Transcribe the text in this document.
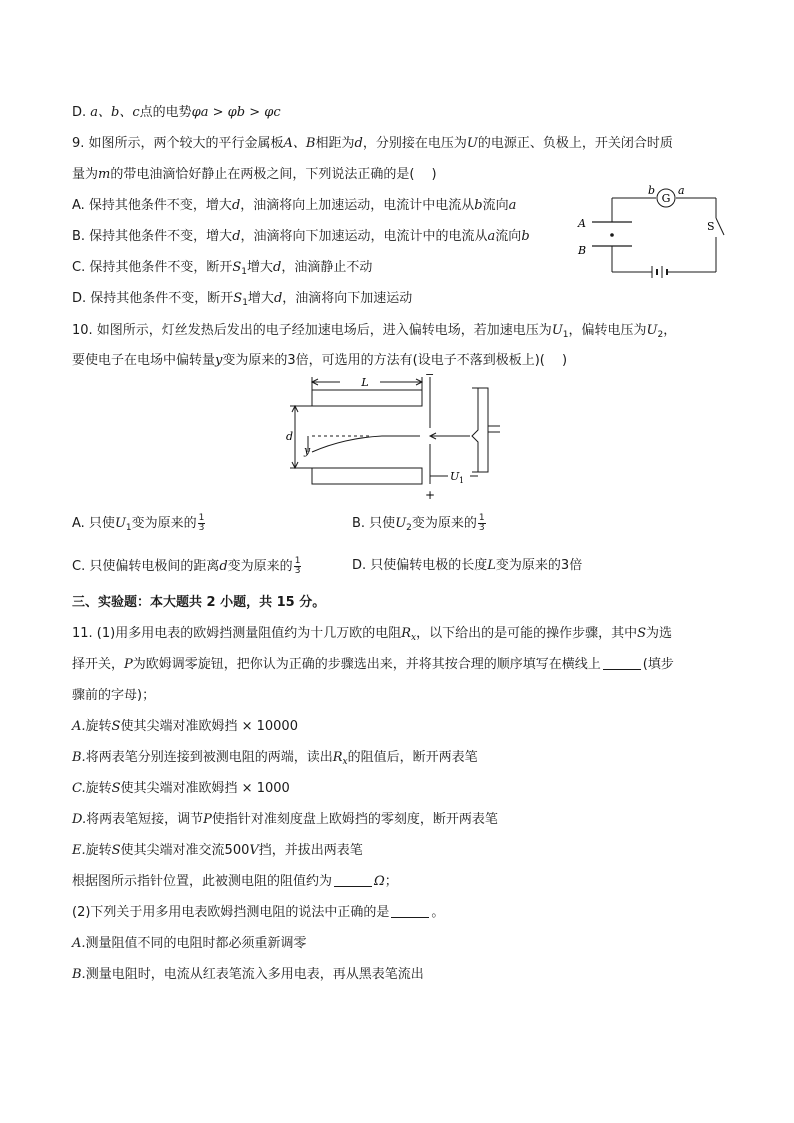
D. a、b、c点的电势φa > φb > φc
9. 如图所示，两个较大的平行金属板A、B相距为d，分别接在电压为U的电源正、负极上，开关闭合时质
量为m的带电油滴恰好静止在两极之间，下列说法正确的是(　 )
A. 保持其他条件不变，增大d，油滴将向上加速运动，电流计中电流从b流向a
B. 保持其他条件不变，增大d，油滴将向下加速运动，电流计中的电流从a流向b
C. 保持其他条件不变，断开$S_1$增大d，油滴静止不动
D. 保持其他条件不变，断开$S_1$增大d，油滴将向下加速运动
G
b a
S
A
B
10. 如图所示，灯丝发热后发出的电子经加速电场后，进入偏转电场，若加速电压为$U_1$，偏转电压为$U_2$，
要使电子在电场中偏转量y变为原来的3倍，可选用的方法有(设电子不落到极板上)(　 )
L
d
y
−
+
U 1
A. 只使$U_1$变为原来的 $\frac{1}{3}$	B. 只使$U_2$变为原来的 $\frac{1}{3}$
C. 只使偏转电极间的距离d变为原来的 $\frac{1}{3}$	D. 只使偏转电极的长度L变为原来的3倍
三、实验题：本大题共 2 小题，共 15 分。
11. (1)用多用电表的欧姆挡测量阻值约为十几万欧的电阻$R_x$，以下给出的是可能的操作步骤，其中S为选
择开关，P为欧姆调零旋钮，把你认为正确的步骤选出来，并将其按合理的顺序填写在横线上	(填步
骤前的字母)；
A.旋转S使其尖端对准欧姆挡 × 10000
B.将两表笔分别连接到被测电阻的两端，读出$R_x$的阻值后，断开两表笔
C.旋转S使其尖端对准欧姆挡 × 1000
D.将两表笔短接，调节P使指针对准刻度盘上欧姆挡的零刻度，断开两表笔
E.旋转S使其尖端对准交流500V挡，并拔出两表笔
根据图所示指针位置，此被测电阻的阻值约为	Ω；
(2)下列关于用多用电表欧姆挡测电阻的说法中正确的是	。
A.测量阻值不同的电阻时都必须重新调零
B.测量电阻时，电流从红表笔流入多用电表，再从黑表笔流出
